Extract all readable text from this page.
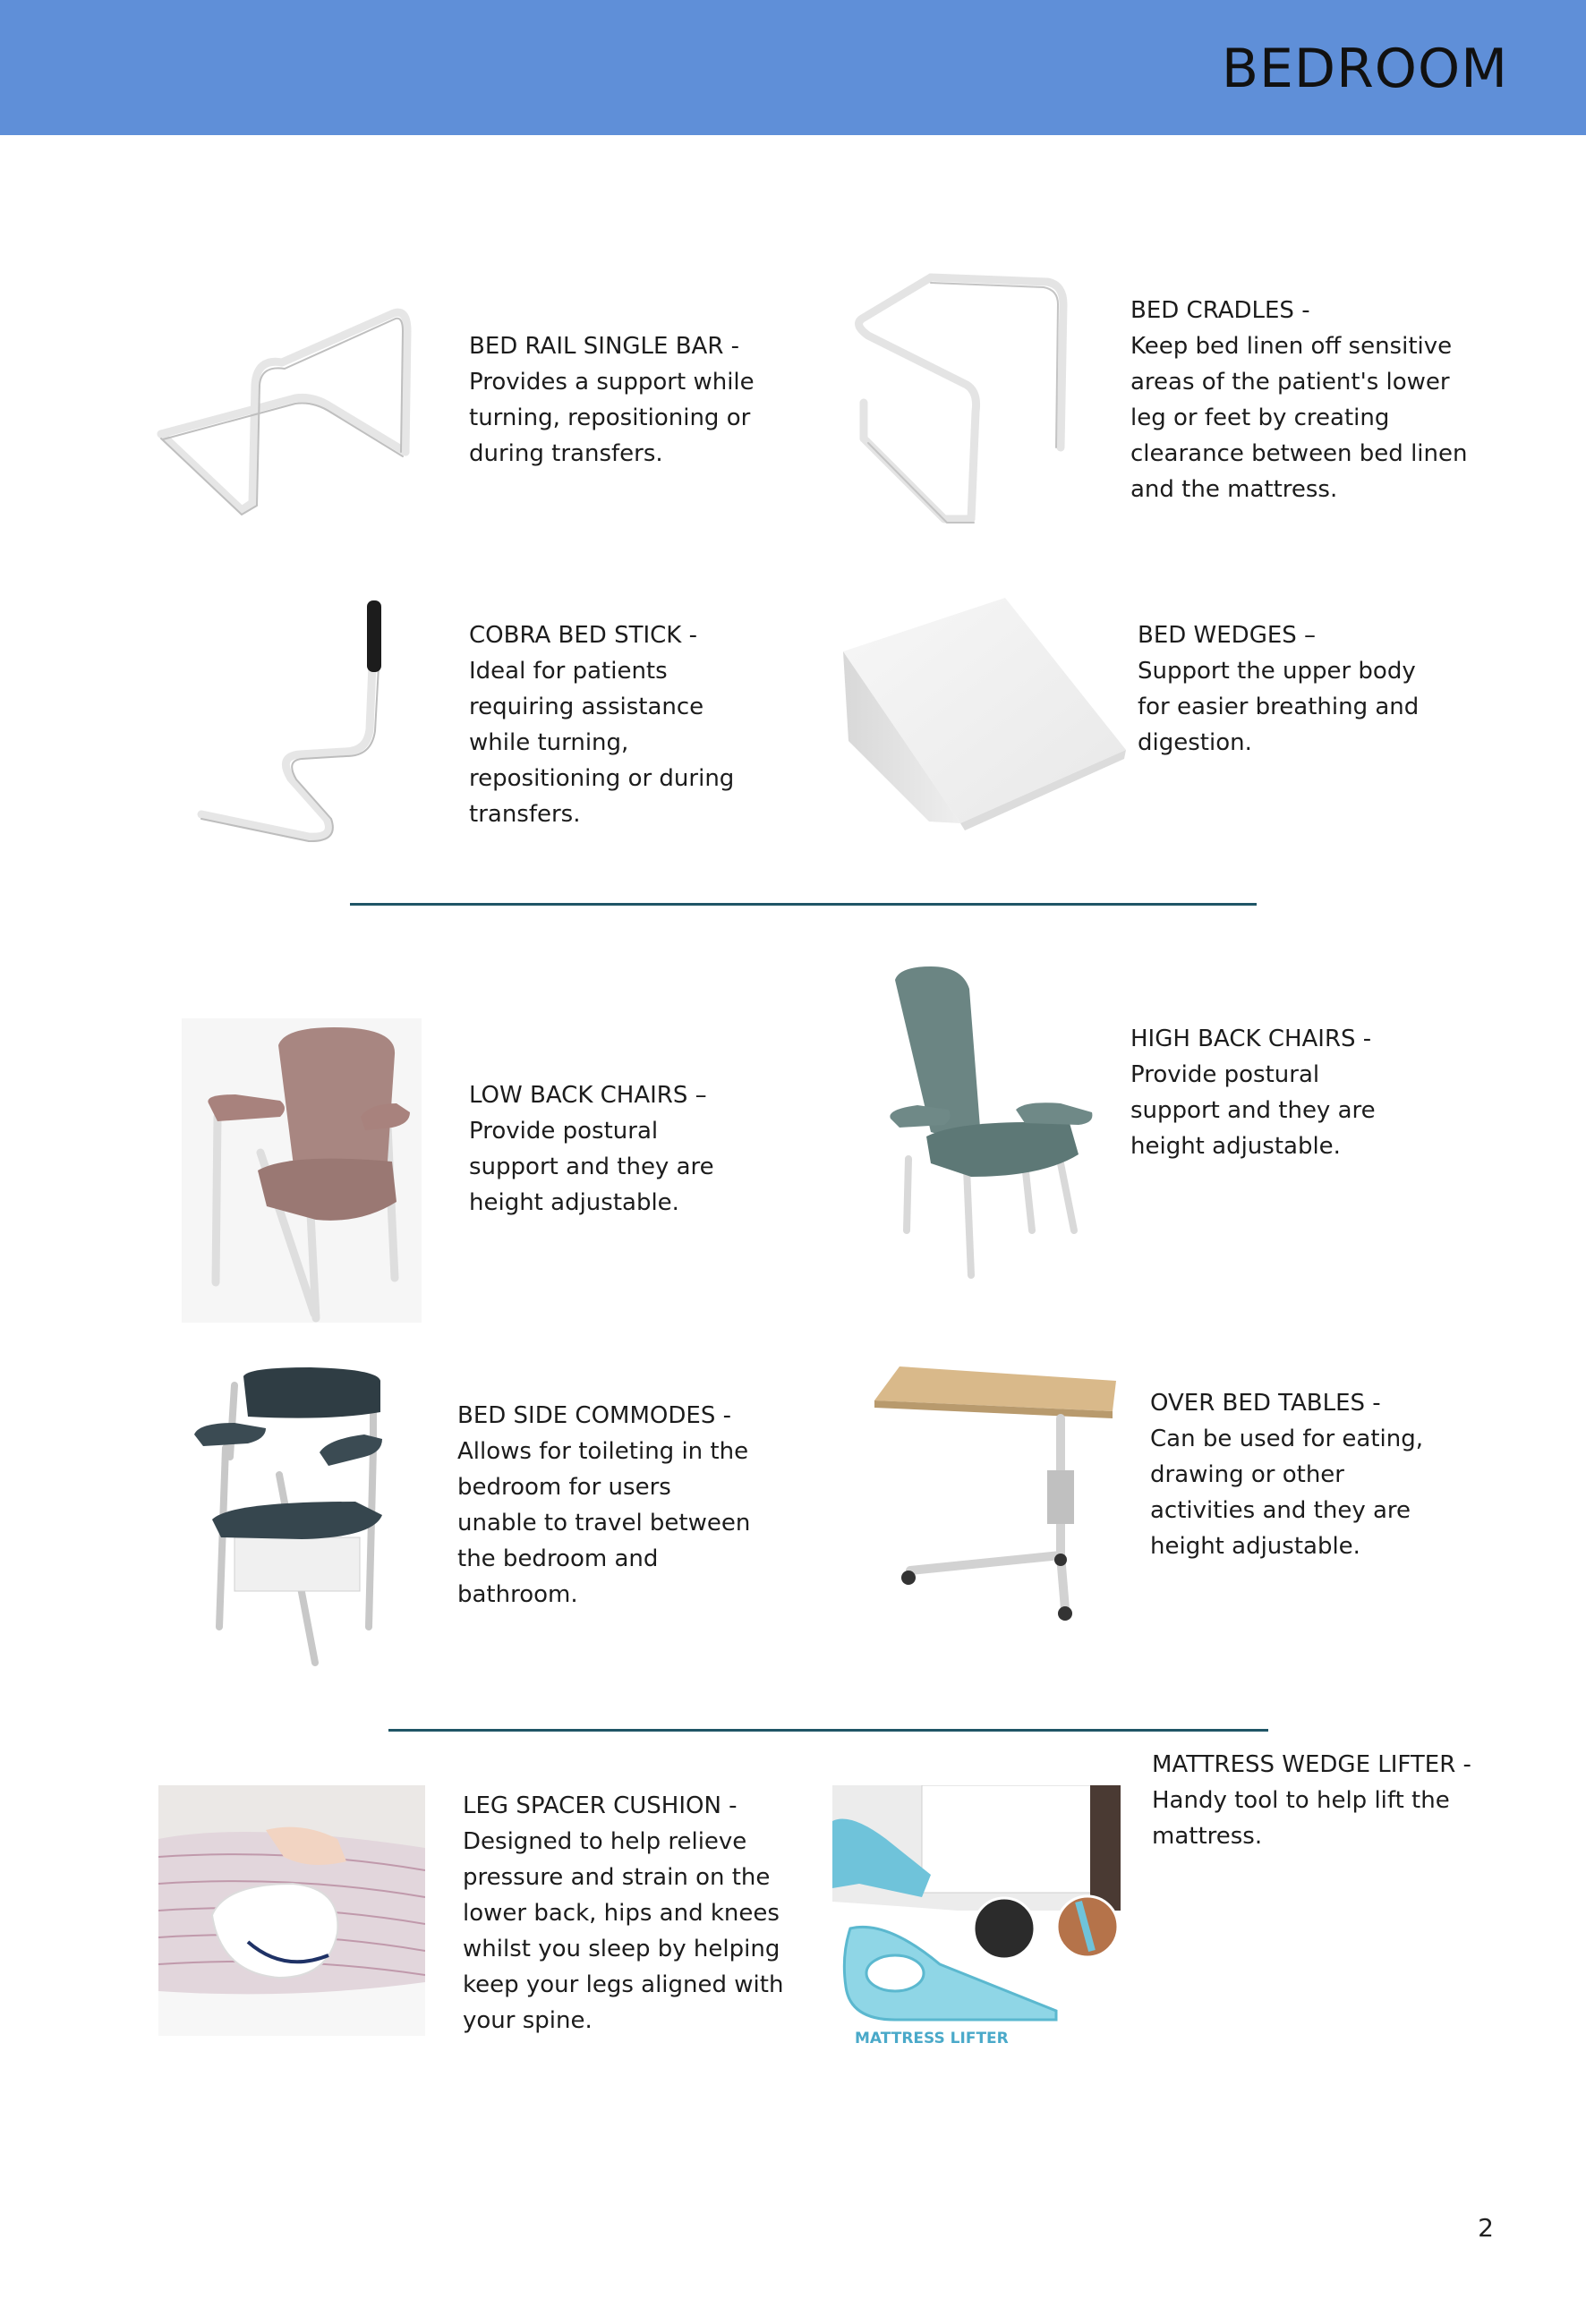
BEDROOM
BED RAIL SINGLE BAR -
Provides a support while
turning, repositioning or
during transfers.
BED CRADLES -
Keep bed linen off sensitive
areas of the patient's lower
leg or feet by creating
clearance between bed linen
and the mattress.
COBRA BED STICK -
Ideal for patients
requiring assistance
while turning,
repositioning or during
transfers.
BED WEDGES –
Support the upper body
for easier breathing and
digestion.
LOW BACK CHAIRS –
Provide postural
support and they are
height adjustable.
HIGH BACK CHAIRS -
Provide postural
support and they are
height adjustable.
BED SIDE COMMODES -
Allows for toileting in the
bedroom for users
unable to travel between
the bedroom and
bathroom.
OVER BED TABLES -
Can be used for eating,
drawing or other
activities and they are
height adjustable.
LEG SPACER CUSHION -
Designed to help relieve
pressure and strain on the
lower back, hips and knees
whilst you sleep by helping
keep your legs aligned with
your spine.
MATTRESS LIFTER
MATTRESS WEDGE LIFTER -
Handy tool to help lift the
mattress.
2
